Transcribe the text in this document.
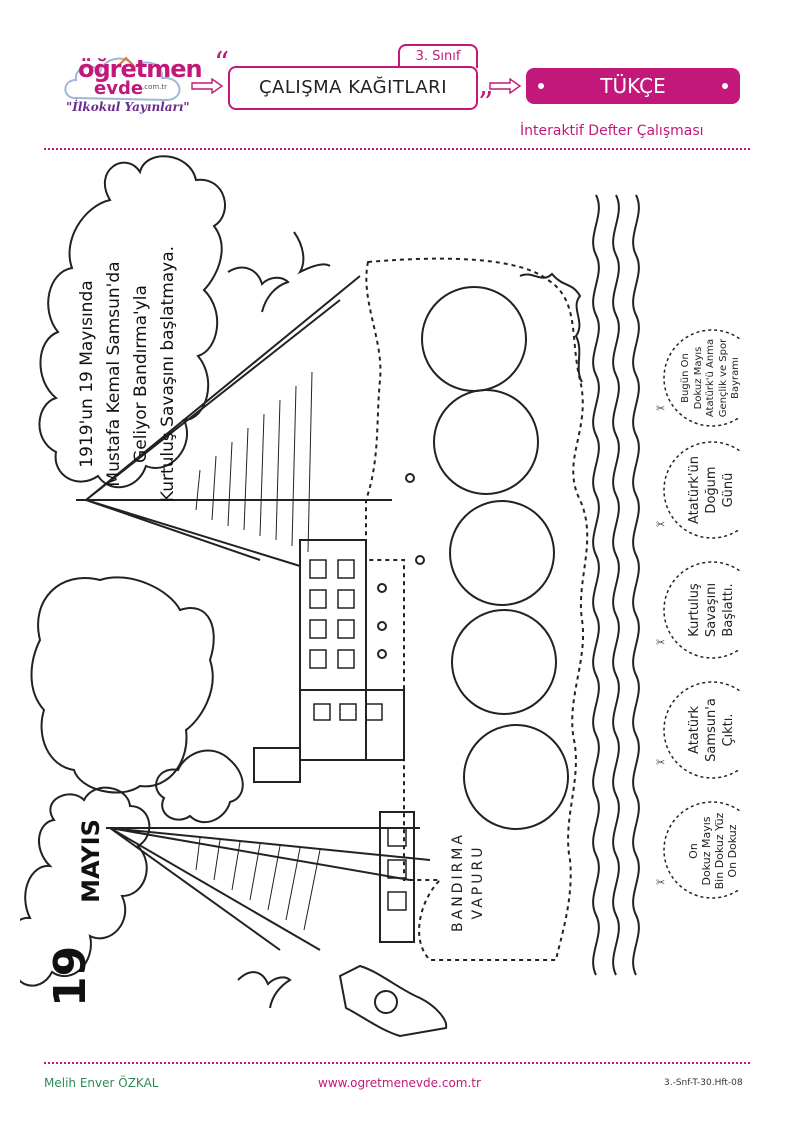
öğretmen
evde
.com.tr
"İlkokul Yayınları"
“	3. Sınıf
ÇALIŞMA KAĞITLARI	”	TÜKÇE
İnteraktif Defter Çalışması
✂
✂
✂
✂
✂
1919'un 19 Mayısında Mustafa Kemal Samsun'da Geliyor Bandırma'yla Kurtuluş Savaşını başlatmaya.
19
MAYIS	BANDIRMA VAPURU
Bugün On Dokuz Mayıs Atatürk'ü Anma Gençlik ve Spor Bayramı
Atatürk'ün Doğum Günü
Kurtuluş Savaşını Başlattı.
Atatürk Samsun'a Çıktı.
On Dokuz Mayıs Bin Dokuz Yüz On Dokuz
Melih Enver ÖZKAL	www.ogretmenevde.com.tr	3.-Snf-T-30.Hft-08
